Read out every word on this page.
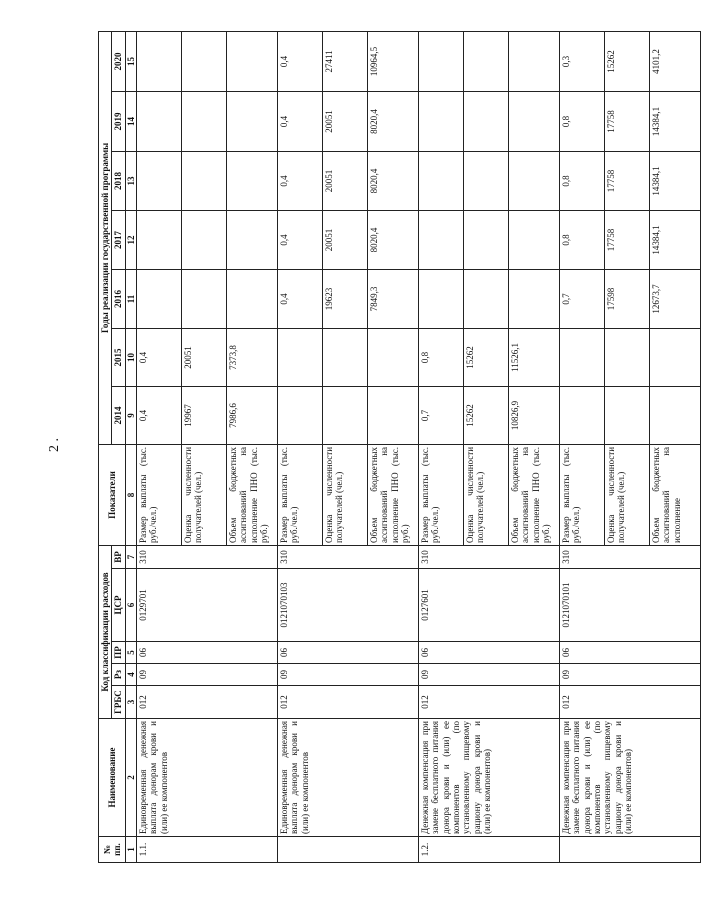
2 .
№ пп.	Наименование	Код классификации расходов					Показатели	Годы реализации государственной программы						
		ГРБС	Рз	ПР	ЦСР	ВР		2014	2015	2016	2017	2018	2019	2020
1	2	3	4	5	6	7	8	9	10	11	12	13	14	15
1.1.	Единовременная денежная выплата донорам крови и (или) ее компонентов	012	09	06	0129701	310	Размер выплаты (тыс. руб./чел.)	0,4	0,4					
							Оценка численности получателей (чел.)	19967	20051					
							Объем бюджетных ассигнований на исполнение ПНО (тыс. руб.)	7986,6	7373,8					
	Единовременная денежная выплата донорам крови и (или) ее компонентов	012	09	06	0121070103	310	Размер выплаты (тыс. руб./чел.)			0,4	0,4	0,4	0,4	0,4
							Оценка численности получателей (чел.)			19623	20051	20051	20051	27411
							Объем бюджетных ассигнований на исполнение ПНО (тыс. руб.)			7849,3	8020,4	8020,4	8020,4	10964,5
1.2.	Денежная компенсация при замене бесплатного питания донора крови и (или) ее компонентов (по установленному пищевому рациону донора крови и (или) ее компонентов)	012	09	06	0127601	310	Размер выплаты (тыс. руб./чел.)	0,7	0,8					
							Оценка численности получателей (чел.)	15262	15262					
							Объем бюджетных ассигнований на исполнение ПНО (тыс. руб.)	10826,9	11526,1					
	Денежная компенсация при замене бесплатного питания донора крови и (или) ее компонентов (по установленному пищевому рациону донора крови и (или) ее компонентов)	012	09	06	0121070101	310	Размер выплаты (тыс. руб./чел.)			0,7	0,8	0,8	0,8	0,3
							Оценка численности получателей (чел.)			17598	17758	17758	17758	15262
							Объем бюджетных ассигнований на исполнение			12673,7	14384,1	14384,1	14384,1	4101,2
